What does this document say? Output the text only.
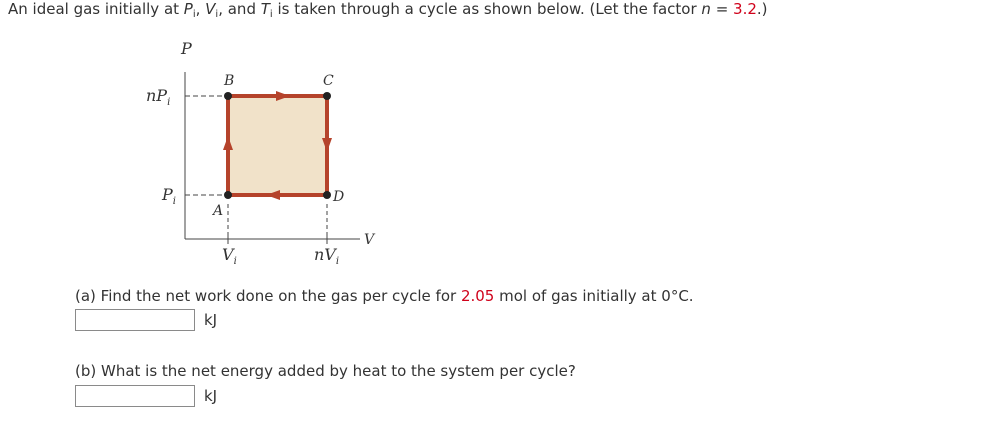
An ideal gas initially at $P_i$, $V_i$, and $T_i$ is taken through a cycle as shown below. (Let the factor n = 3.2.)
P
V
A
B	C
D
$nP_i$
$P_i$
$V_i$	$nV_i$
(a) Find the net work done on the gas per cycle for 2.05 mol of gas initially at 0°C.
kJ
(b) What is the net energy added by heat to the system per cycle?
kJ
